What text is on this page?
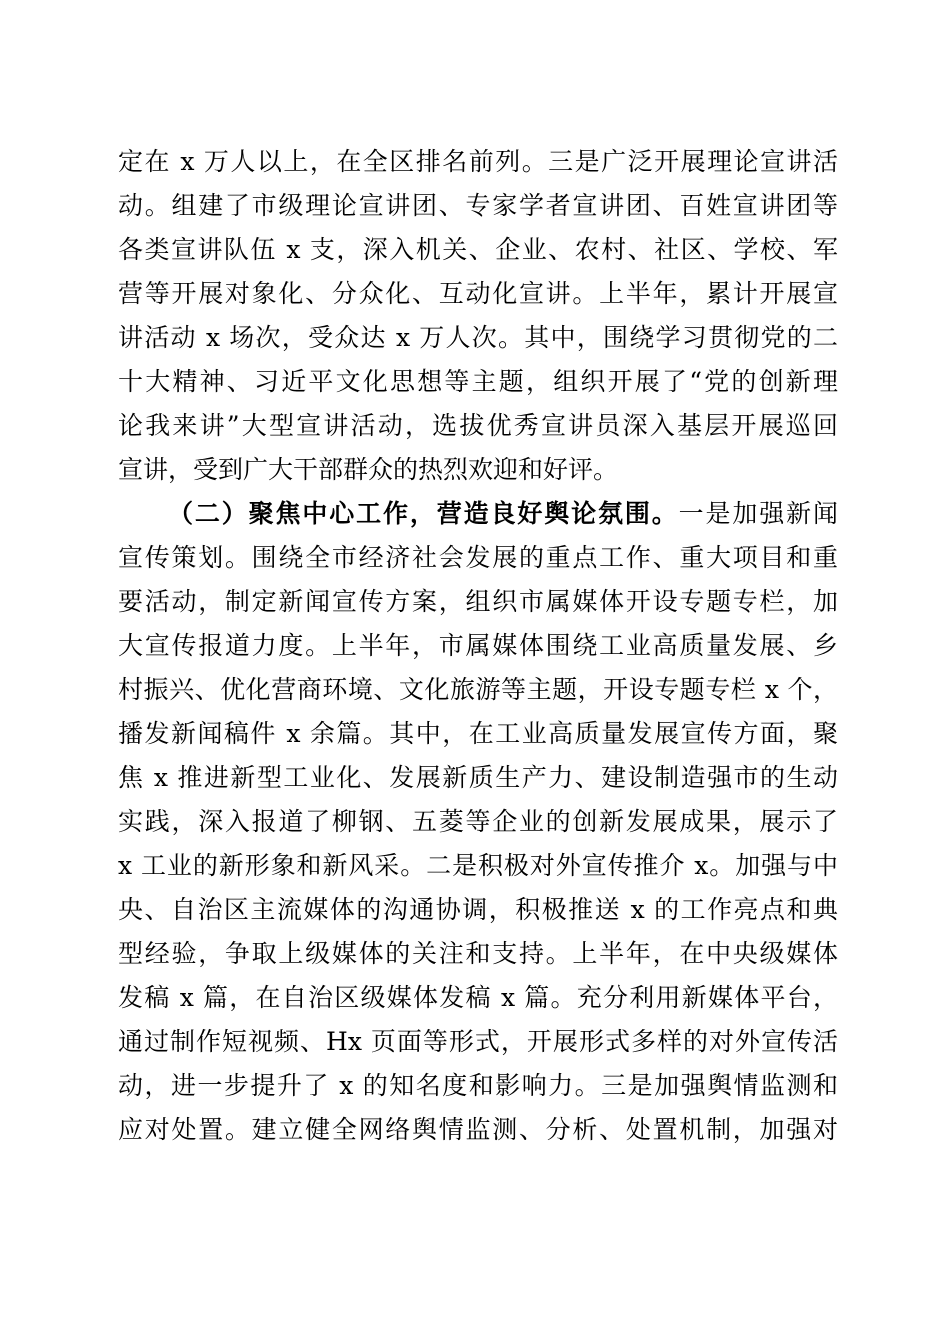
定在 x 万人以上，在全区排名前列。三是广泛开展理论宣讲活
动。组建了市级理论宣讲团、专家学者宣讲团、百姓宣讲团等
各类宣讲队伍 x 支，深入机关、企业、农村、社区、学校、军
营等开展对象化、分众化、互动化宣讲。上半年，累计开展宣
讲活动 x 场次，受众达 x 万人次。其中，围绕学习贯彻党的二
十大精神、习近平文化思想等主题，组织开展了“党的创新理
论我来讲”大型宣讲活动，选拔优秀宣讲员深入基层开展巡回
宣讲，受到广大干部群众的热烈欢迎和好评。
（二）聚焦中心工作，营造良好舆论氛围。一是加强新闻
宣传策划。围绕全市经济社会发展的重点工作、重大项目和重
要活动，制定新闻宣传方案，组织市属媒体开设专题专栏，加
大宣传报道力度。上半年，市属媒体围绕工业高质量发展、乡
村振兴、优化营商环境、文化旅游等主题，开设专题专栏 x 个，
播发新闻稿件 x 余篇。其中，在工业高质量发展宣传方面，聚
焦 x 推进新型工业化、发展新质生产力、建设制造强市的生动
实践，深入报道了柳钢、五菱等企业的创新发展成果，展示了
x 工业的新形象和新风采。二是积极对外宣传推介 x。加强与中
央、自治区主流媒体的沟通协调，积极推送 x 的工作亮点和典
型经验，争取上级媒体的关注和支持。上半年，在中央级媒体
发稿 x 篇，在自治区级媒体发稿 x 篇。充分利用新媒体平台，
通过制作短视频、Hx 页面等形式，开展形式多样的对外宣传活
动，进一步提升了 x 的知名度和影响力。三是加强舆情监测和
应对处置。建立健全网络舆情监测、分析、处置机制，加强对
